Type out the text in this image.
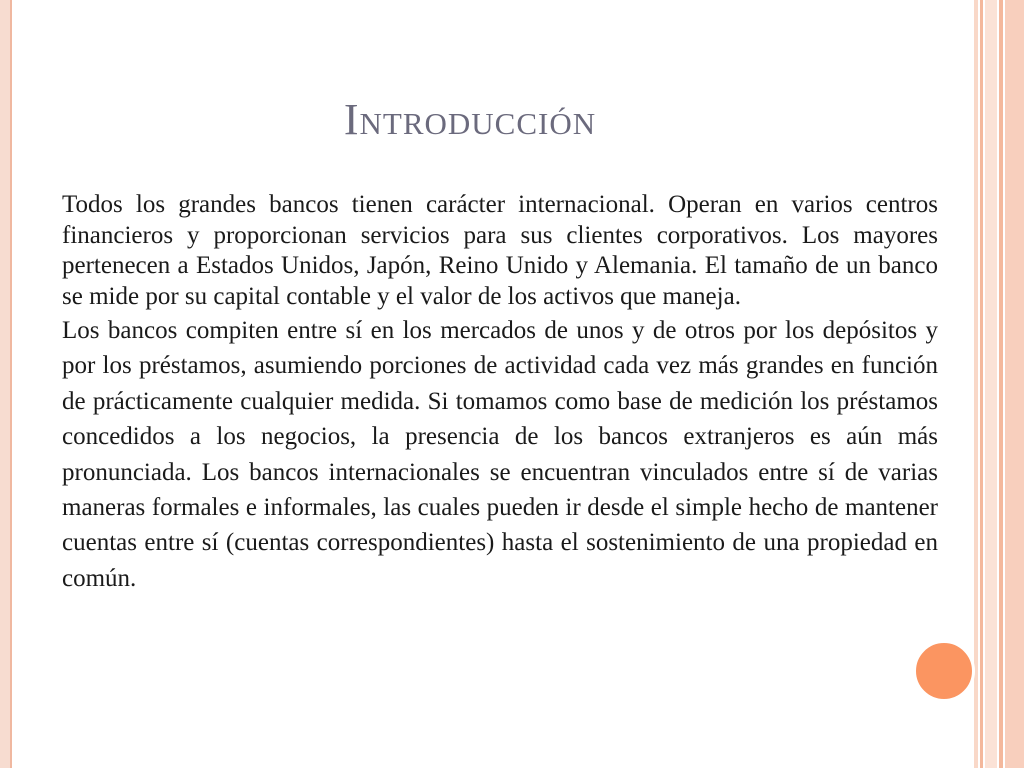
Introducción

Todos los grandes bancos tienen carácter internacional. Operan en varios centros financieros y proporcionan servicios para sus clientes corporativos. Los mayores pertenecen a Estados Unidos, Japón, Reino Unido y Alemania. El tamaño de un banco se mide por su capital contable y el valor de los activos que maneja.

Los bancos compiten entre sí en los mercados de unos y de otros por los depósitos y por los préstamos, asumiendo porciones de actividad cada vez más grandes en función de prácticamente cualquier medida. Si tomamos como base de medición los préstamos concedidos a los negocios, la presencia de los bancos extranjeros es aún más pronunciada. Los bancos internacionales se encuentran vinculados entre sí de varias maneras formales e informales, las cuales pueden ir desde el simple hecho de mantener cuentas entre sí (cuentas correspondientes) hasta el sostenimiento de una propiedad en común.
